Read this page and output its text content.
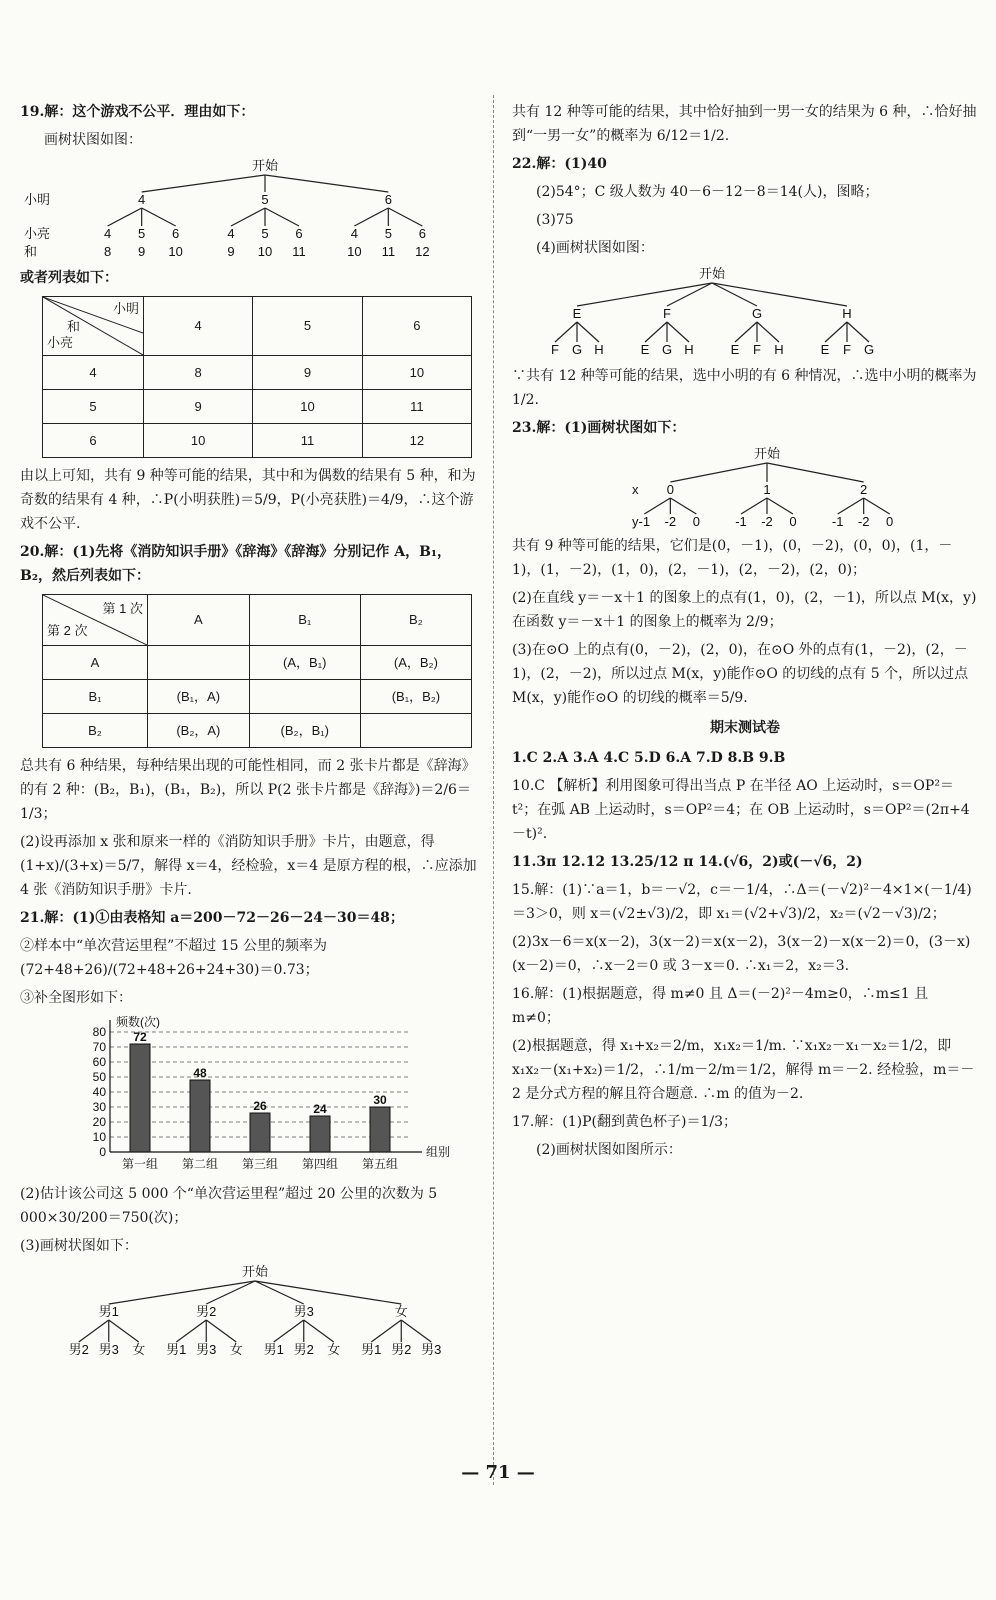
19.解：这个游戏不公平．理由如下：

画树状图如图：

开始
4
4 5 6
5
4 5 6
6
4 5 6
小明
小亮
和	8 9 10	9 10 11	10 11 12

或者列表如下：

小明
和
小亮	4	5	6
4	8	9	10
5	9	10	11
6	10	11	12

由以上可知，共有 9 种等可能的结果，其中和为偶数的结果有 5 种，和为奇数的结果有 4 种，∴P(小明获胜)＝5/9，P(小亮获胜)＝4/9，∴这个游戏不公平.

20.解：(1)先将《消防知识手册》《辞海》《辞海》分别记作 A，B₁，B₂，然后列表如下：

第 1 次
第 2 次	A	B₁	B₂
A		(A，B₁)	(A，B₂)
B₁	(B₁，A)		(B₁，B₂)
B₂	(B₂，A)	(B₂，B₁)	

总共有 6 种结果，每种结果出现的可能性相同，而 2 张卡片都是《辞海》的有 2 种：(B₂，B₁)，(B₁，B₂)，所以 P(2 张卡片都是《辞海》)＝2/6＝1/3；

(2)设再添加 x 张和原来一样的《消防知识手册》卡片，由题意，得 (1+x)/(3+x)＝5/7，解得 x＝4，经检验，x＝4 是原方程的根，∴应添加 4 张《消防知识手册》卡片.

21.解：(1)①由表格知 a＝200－72－26－24－30＝48；

②样本中“单次营运里程”不超过 15 公里的频率为 (72+48+26)/(72+48+26+24+30)＝0.73；

③补全图形如下：

0
10
20
30
40
50
60
70
80
频数(次)
组别
72
第一组
48
第二组
26
第三组
24
第四组
30
第五组

(2)估计该公司这 5 000 个“单次营运里程”超过 20 公里的次数为 5 000×30/200＝750(次)；

(3)画树状图如下：

开始
男1
男2 男3 女
男2
男1 男3 女
男3
男1 男2 女
女
男1 男2 男3

共有 12 种等可能的结果，其中恰好抽到一男一女的结果为 6 种，∴恰好抽到“一男一女”的概率为 6/12＝1/2.

22.解：(1)40

(2)54°；C 级人数为 40－6－12－8＝14(人)，图略；

(3)75

(4)画树状图如图：

开始
E
F G H
F
E G H
G
E F H
H
E F G

∵共有 12 种等可能的结果，选中小明的有 6 种情况，∴选中小明的概率为 1/2.

23.解：(1)画树状图如下：

开始
0
-1 -2 0
1
-1 -2 0
2
-1 -2 0
x
y

共有 9 种等可能的结果，它们是(0，－1)，(0，－2)，(0，0)，(1，－1)，(1，－2)，(1，0)，(2，－1)，(2，－2)，(2，0)；

(2)在直线 y＝－x＋1 的图象上的点有(1，0)，(2，－1)，所以点 M(x，y)在函数 y＝－x＋1 的图象上的概率为 2/9；

(3)在⊙O 上的点有(0，－2)，(2，0)，在⊙O 外的点有(1，－2)，(2，－1)，(2，－2)，所以过点 M(x，y)能作⊙O 的切线的点有 5 个，所以过点 M(x，y)能作⊙O 的切线的概率＝5/9.

期末测试卷

1.C 2.A 3.A 4.C 5.D 6.A 7.D 8.B 9.B

10.C 【解析】利用图象可得出当点 P 在半径 AO 上运动时，s＝OP²＝t²；在弧 AB 上运动时，s＝OP²＝4；在 OB 上运动时，s＝OP²＝(2π+4－t)².

11.3π 12.12 13.25/12 π 14.(√6，2)或(－√6，2)

15.解：(1)∵a＝1，b＝－√2，c＝－1/4，∴Δ＝(－√2)²－4×1×(－1/4)＝3＞0，则 x＝(√2±√3)/2，即 x₁＝(√2+√3)/2，x₂＝(√2－√3)/2；

(2)3x－6＝x(x－2)，3(x－2)＝x(x－2)，3(x－2)－x(x－2)＝0，(3－x)(x－2)＝0，∴x－2＝0 或 3－x＝0. ∴x₁＝2，x₂＝3.

16.解：(1)根据题意，得 m≠0 且 Δ＝(－2)²－4m≥0，∴m≤1 且 m≠0；

(2)根据题意，得 x₁+x₂＝2/m，x₁x₂＝1/m. ∵x₁x₂－x₁－x₂＝1/2，即 x₁x₂－(x₁+x₂)＝1/2，∴1/m－2/m＝1/2，解得 m＝－2. 经检验，m＝－2 是分式方程的解且符合题意. ∴m 的值为－2.

17.解：(1)P(翻到黄色杯子)＝1/3；

(2)画树状图如图所示：

— 71 —
